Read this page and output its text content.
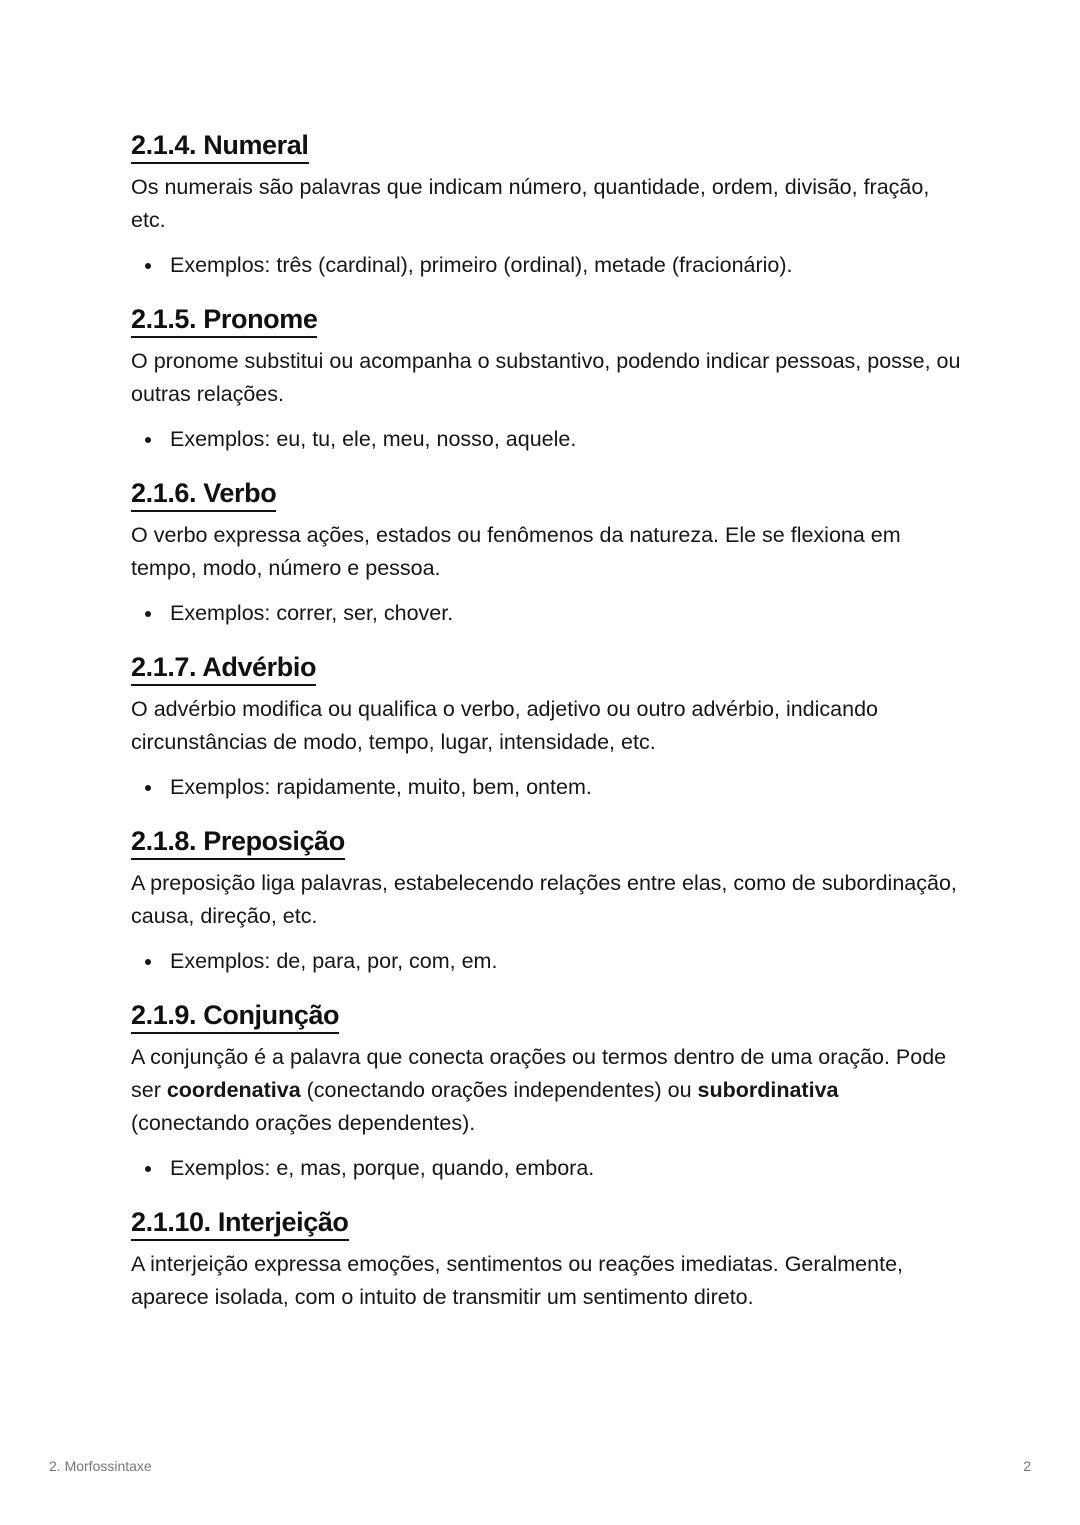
2.1.4. Numeral

Os numerais são palavras que indicam número, quantidade, ordem, divisão, fração, etc.

Exemplos: três (cardinal), primeiro (ordinal), metade (fracionário).
2.1.5. Pronome

O pronome substitui ou acompanha o substantivo, podendo indicar pessoas, posse, ou outras relações.

Exemplos: eu, tu, ele, meu, nosso, aquele.
2.1.6. Verbo

O verbo expressa ações, estados ou fenômenos da natureza. Ele se flexiona em tempo, modo, número e pessoa.

Exemplos: correr, ser, chover.
2.1.7. Advérbio

O advérbio modifica ou qualifica o verbo, adjetivo ou outro advérbio, indicando circunstâncias de modo, tempo, lugar, intensidade, etc.

Exemplos: rapidamente, muito, bem, ontem.
2.1.8. Preposição

A preposição liga palavras, estabelecendo relações entre elas, como de subordinação, causa, direção, etc.

Exemplos: de, para, por, com, em.
2.1.9. Conjunção

A conjunção é a palavra que conecta orações ou termos dentro de uma oração. Pode ser coordenativa (conectando orações independentes) ou subordinativa (conectando orações dependentes).

Exemplos: e, mas, porque, quando, embora.
2.1.10. Interjeição

A interjeição expressa emoções, sentimentos ou reações imediatas. Geralmente, aparece isolada, com o intuito de transmitir um sentimento direto.

2. Morfossintaxe	2
